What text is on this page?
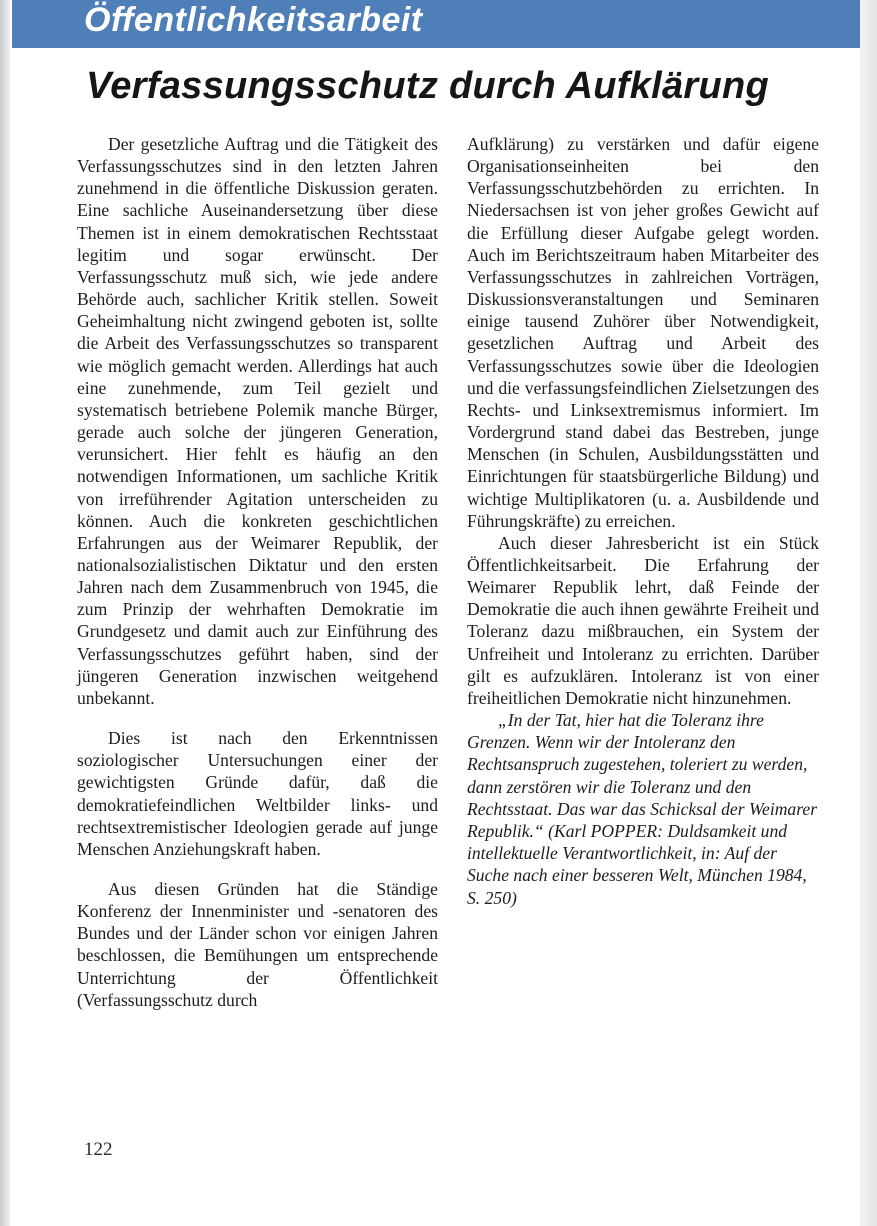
Öffentlichkeitsarbeit
Verfassungsschutz durch Aufklärung

Der gesetzliche Auftrag und die Tätigkeit des Verfassungsschutzes sind in den letzten Jahren zunehmend in die öffentliche Diskussion geraten. Eine sachliche Auseinandersetzung über diese Themen ist in einem demokratischen Rechtsstaat legitim und sogar erwünscht. Der Verfassungsschutz muß sich, wie jede andere Behörde auch, sachlicher Kritik stellen. Soweit Geheimhaltung nicht zwingend geboten ist, sollte die Arbeit des Verfassungsschutzes so transparent wie möglich gemacht werden. Allerdings hat auch eine zunehmende, zum Teil gezielt und systematisch betriebene Polemik manche Bürger, gerade auch solche der jüngeren Generation, verunsichert. Hier fehlt es häufig an den notwendigen Informationen, um sachliche Kritik von irreführender Agitation unterscheiden zu können. Auch die konkreten geschichtlichen Erfahrungen aus der Weimarer Republik, der nationalsozialistischen Diktatur und den ersten Jahren nach dem Zusammenbruch von 1945, die zum Prinzip der wehrhaften Demokratie im Grundgesetz und damit auch zur Einführung des Verfassungsschutzes geführt haben, sind der jüngeren Generation inzwischen weitgehend unbekannt.

Dies ist nach den Erkenntnissen soziologischer Untersuchungen einer der gewichtigsten Gründe dafür, daß die demokratiefeindlichen Weltbilder links- und rechtsextremistischer Ideologien gerade auf junge Menschen Anziehungskraft haben.

Aus diesen Gründen hat die Ständige Konferenz der Innenminister und -senatoren des Bundes und der Länder schon vor einigen Jahren beschlossen, die Bemühungen um entsprechende Unterrichtung der Öffentlichkeit (Verfassungsschutz durch

Aufklärung) zu verstärken und dafür eigene Organisationseinheiten bei den Verfassungsschutzbehörden zu errichten. In Niedersachsen ist von jeher großes Gewicht auf die Erfüllung dieser Aufgabe gelegt worden. Auch im Berichtszeitraum haben Mitarbeiter des Verfassungsschutzes in zahlreichen Vorträgen, Diskussionsveranstaltungen und Seminaren einige tausend Zuhörer über Notwendigkeit, gesetzlichen Auftrag und Arbeit des Verfassungsschutzes sowie über die Ideologien und die verfassungsfeindlichen Zielsetzungen des Rechts- und Linksextremismus informiert. Im Vordergrund stand dabei das Bestreben, junge Menschen (in Schulen, Ausbildungsstätten und Einrichtungen für staatsbürgerliche Bildung) und wichtige Multiplikatoren (u. a. Ausbildende und Führungskräfte) zu erreichen.

Auch dieser Jahresbericht ist ein Stück Öffentlichkeitsarbeit. Die Erfahrung der Weimarer Republik lehrt, daß Feinde der Demokratie die auch ihnen gewährte Freiheit und Toleranz dazu mißbrauchen, ein System der Unfreiheit und Intoleranz zu errichten. Darüber gilt es aufzuklären. Intoleranz ist von einer freiheitlichen Demokratie nicht hinzunehmen.

„In der Tat, hier hat die Toleranz ihre Grenzen. Wenn wir der Intoleranz den Rechtsanspruch zugestehen, toleriert zu werden, dann zerstören wir die Toleranz und den Rechtsstaat. Das war das Schicksal der Weimarer Republik.“ (Karl POPPER: Duldsamkeit und intellektuelle Verantwortlichkeit, in: Auf der Suche nach einer besseren Welt, München 1984, S. 250)

122
